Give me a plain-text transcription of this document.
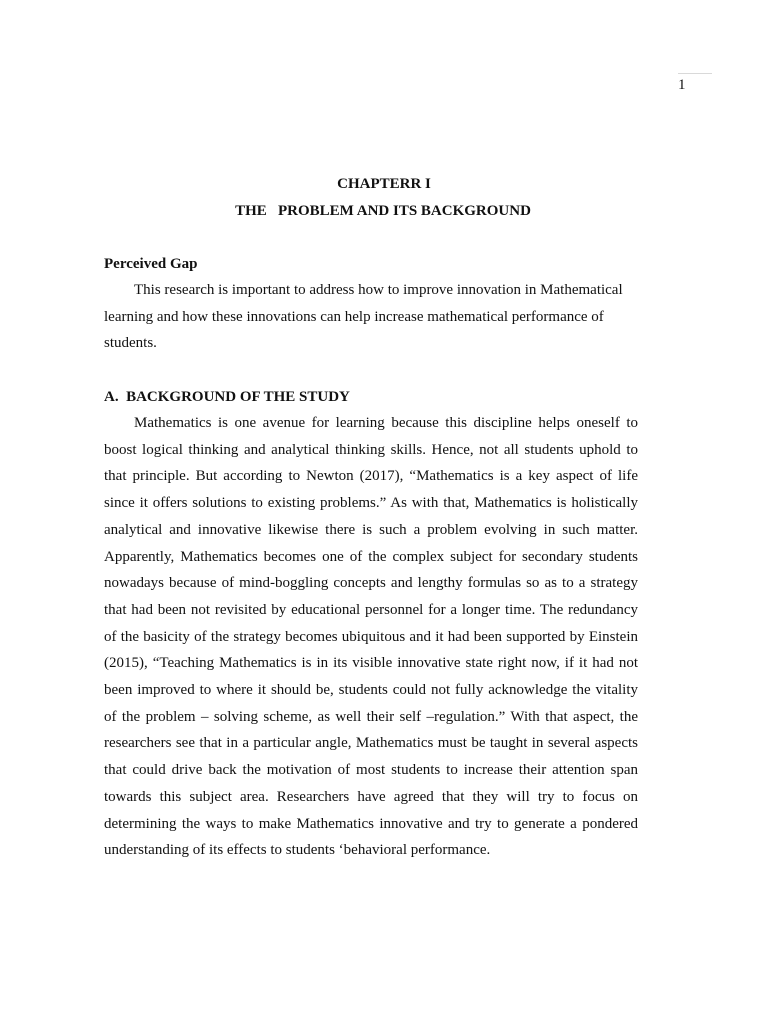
1
CHAPTERR I
THE   PROBLEM AND ITS BACKGROUND
Perceived Gap

This research is important to address how to improve innovation in Mathematical learning and how these innovations can help increase mathematical performance of students.

A.  BACKGROUND OF THE STUDY

Mathematics is one avenue for learning because this discipline helps oneself to boost logical thinking and analytical thinking skills. Hence, not all students uphold to that principle. But according to Newton (2017), “Mathematics is a key aspect of life since it offers solutions to existing problems.” As with that, Mathematics is holistically analytical and innovative likewise there is such a problem evolving in such matter. Apparently, Mathematics becomes one of the complex subject for secondary students nowadays because of mind-boggling concepts and lengthy formulas so as to a strategy that had been not revisited by educational personnel for a longer time. The redundancy of the basicity of the strategy becomes ubiquitous and it had been supported by Einstein (2015), “Teaching Mathematics is in its visible innovative state right now, if it had not been improved to where it should be, students could not fully acknowledge the vitality of the problem – solving scheme, as well their self –regulation.” With that aspect, the researchers see that in a particular angle, Mathematics must be taught in several aspects that could drive back the motivation of most students to increase their attention span towards this subject area. Researchers have agreed that they will try to focus on determining the ways to make Mathematics innovative and try to generate a pondered understanding of its effects to students ‘behavioral performance.
